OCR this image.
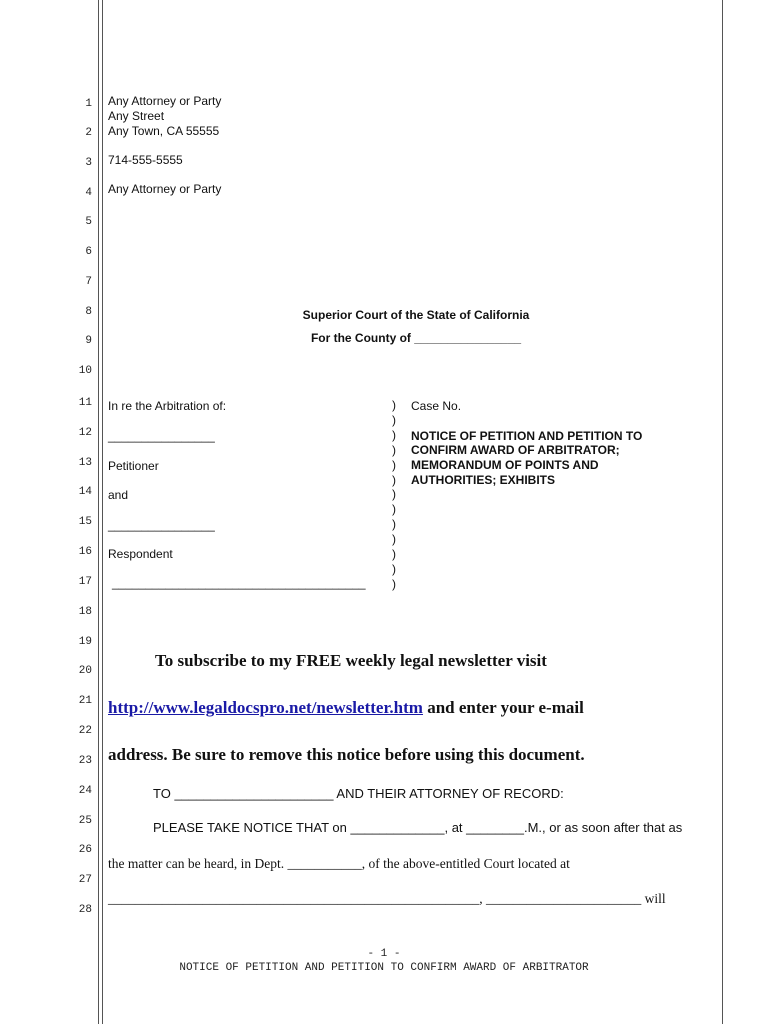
1
2
3
4
5
6
7
8
9
10
11
12
13
14
15
16
17
18
19
20
21
22
23
24
25
26
27
28
Any Attorney or Party
Any Street
Any Town, CA 55555
714-555-5555
Any Attorney or Party
Superior Court of the State of California
For the County of ________________
In re the Arbitration of:
________________
Petitioner
and
________________
Respondent
______________________________________
)
)
)
)
)
)
)
)
)
)
)
)
)
Case No.
NOTICE OF PETITION AND PETITION TO
CONFIRM AWARD OF ARBITRATOR;
MEMORANDUM OF POINTS AND
AUTHORITIES; EXHIBITS
To subscribe to my FREE weekly legal newsletter visit
http://www.legaldocspro.net/newsletter.htm and enter your e-mail
address. Be sure to remove this notice before using this document.
TO ______________________ AND THEIR ATTORNEY OF RECORD:
PLEASE TAKE NOTICE THAT on _____________, at ________.M., or as soon after that as
the matter can be heard, in Dept. ___________, of the above-entitled Court located at
_______________________________________________________, _______________________ will
- 1 -
NOTICE OF PETITION AND PETITION TO CONFIRM AWARD OF ARBITRATOR
